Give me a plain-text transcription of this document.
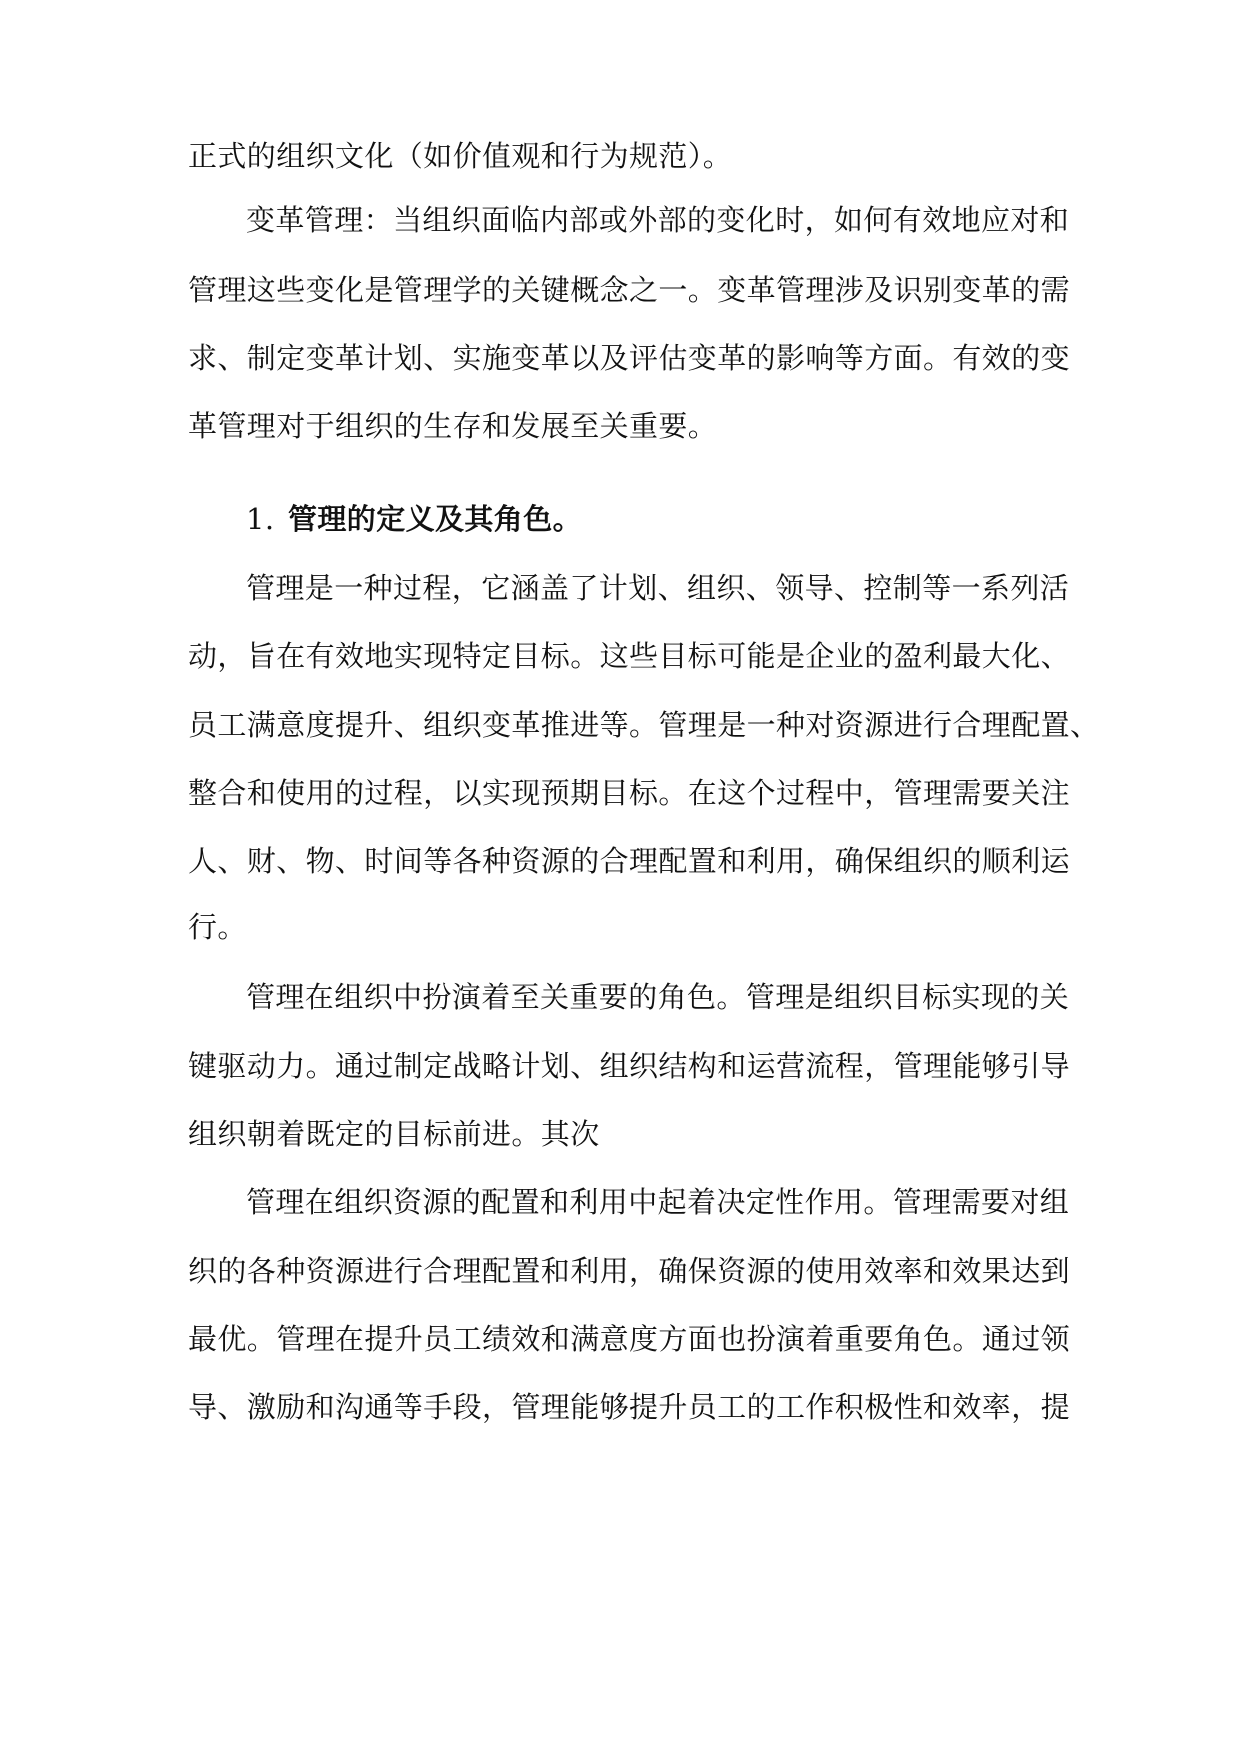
正式的组织文化（如价值观和行为规范）。
变革管理：当组织面临内部或外部的变化时，如何有效地应对和
管理这些变化是管理学的关键概念之一。变革管理涉及识别变革的需
求、制定变革计划、实施变革以及评估变革的影响等方面。有效的变
革管理对于组织的生存和发展至关重要。
1. 管理的定义及其角色。
管理是一种过程，它涵盖了计划、组织、领导、控制等一系列活
动，旨在有效地实现特定目标。这些目标可能是企业的盈利最大化、
员工满意度提升、组织变革推进等。管理是一种对资源进行合理配置、
整合和使用的过程，以实现预期目标。在这个过程中，管理需要关注
人、财、物、时间等各种资源的合理配置和利用，确保组织的顺利运
行。
管理在组织中扮演着至关重要的角色。管理是组织目标实现的关
键驱动力。通过制定战略计划、组织结构和运营流程，管理能够引导
组织朝着既定的目标前进。其次
管理在组织资源的配置和利用中起着决定性作用。管理需要对组
织的各种资源进行合理配置和利用，确保资源的使用效率和效果达到
最优。管理在提升员工绩效和满意度方面也扮演着重要角色。通过领
导、激励和沟通等手段，管理能够提升员工的工作积极性和效率，提
